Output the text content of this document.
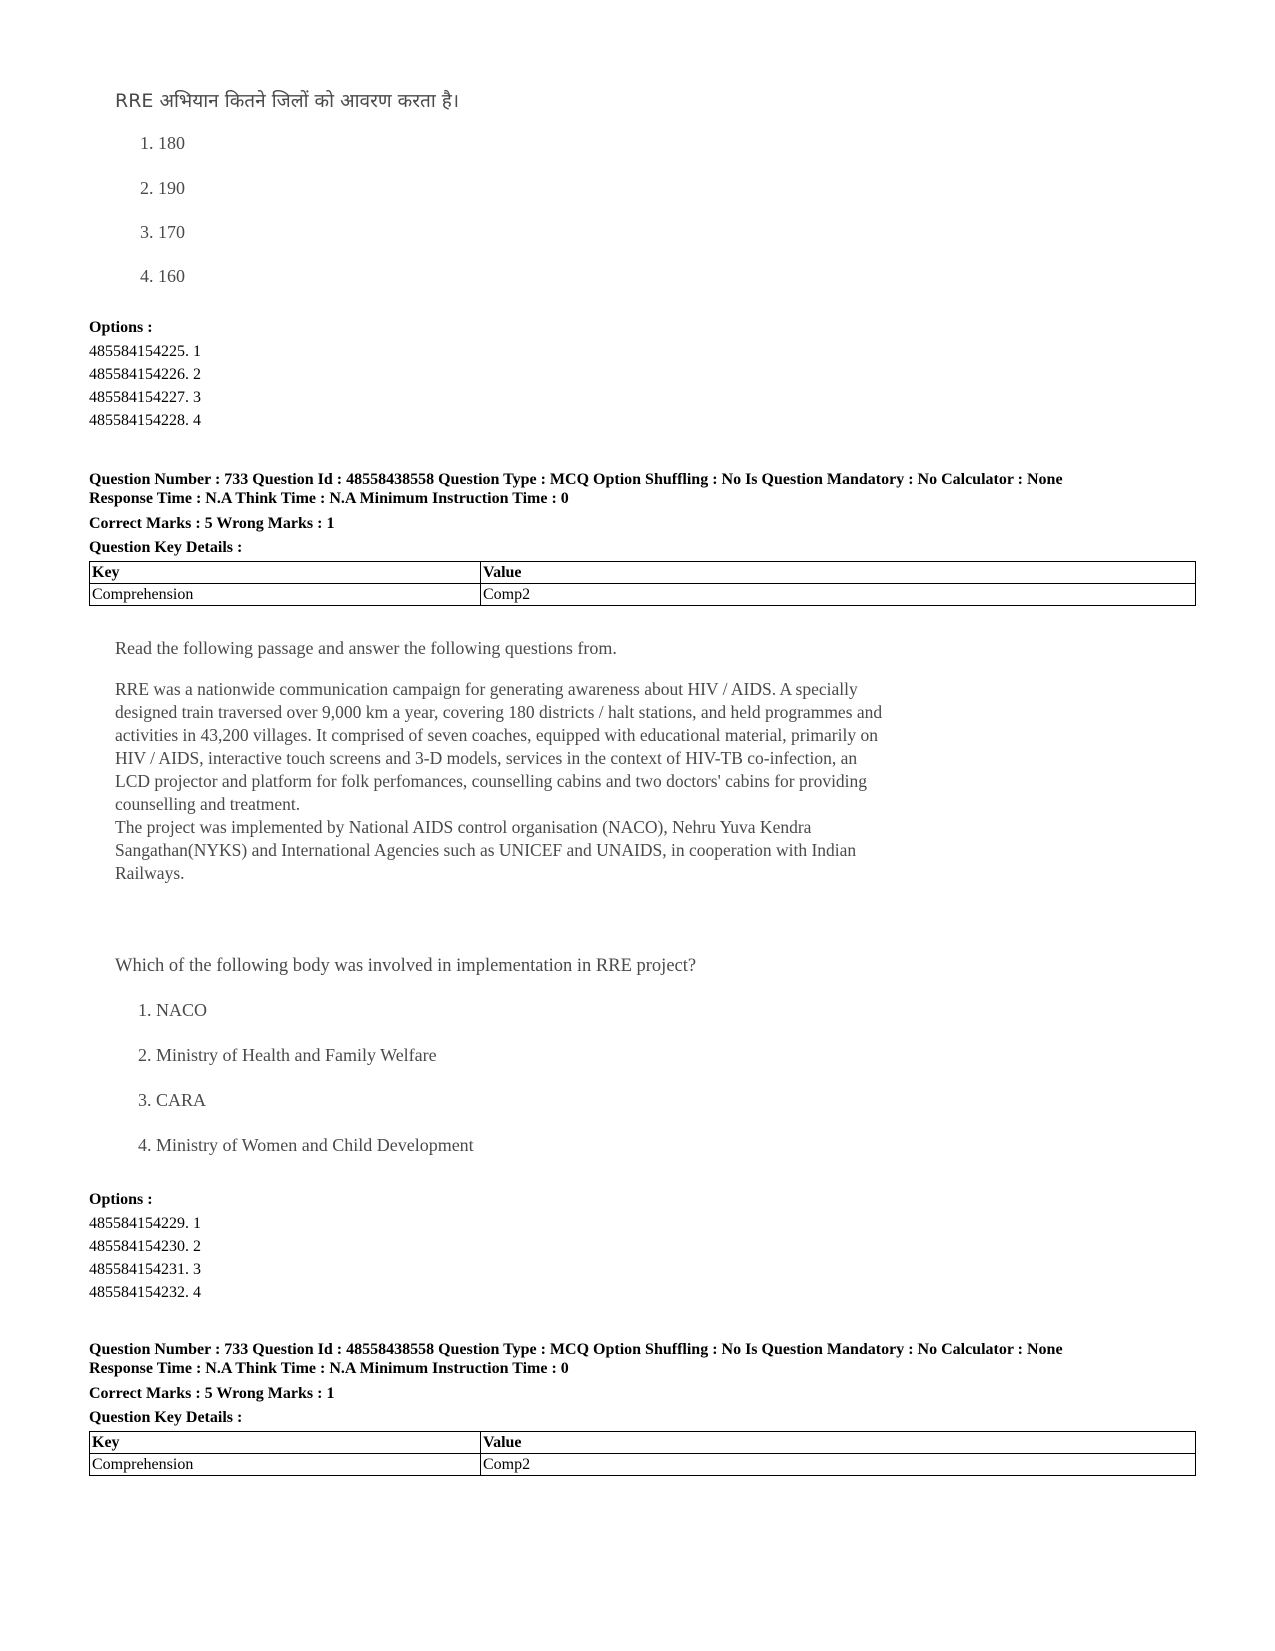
RRE अभियान कितने जिलों को आवरण करता है।
1. 180
2. 190
3. 170
4. 160
Options :
485584154225. 1
485584154226. 2
485584154227. 3
485584154228. 4
Question Number : 733 Question Id : 48558438558 Question Type : MCQ Option Shuffling : No Is Question Mandatory : No Calculator : None
Response Time : N.A Think Time : N.A Minimum Instruction Time : 0
Correct Marks : 5 Wrong Marks : 1
Question Key Details :
Key	Value
Comprehension	Comp2
Read the following passage and answer the following questions from.
RRE was a nationwide communication campaign for generating awareness about HIV / AIDS. A specially
designed train traversed over 9,000 km a year, covering 180 districts / halt stations, and held programmes and
activities in 43,200 villages. It comprised of seven coaches, equipped with educational material, primarily on
HIV / AIDS, interactive touch screens and 3-D models, services in the context of HIV-TB co-infection, an
LCD projector and platform for folk perfomances, counselling cabins and two doctors' cabins for providing
counselling and treatment.
The project was implemented by National AIDS control organisation (NACO), Nehru Yuva Kendra
Sangathan(NYKS) and International Agencies such as UNICEF and UNAIDS, in cooperation with Indian
Railways.
Which of the following body was involved in implementation in RRE project?
1. NACO
2. Ministry of Health and Family Welfare
3. CARA
4. Ministry of Women and Child Development
Options :
485584154229. 1
485584154230. 2
485584154231. 3
485584154232. 4
Question Number : 733 Question Id : 48558438558 Question Type : MCQ Option Shuffling : No Is Question Mandatory : No Calculator : None
Response Time : N.A Think Time : N.A Minimum Instruction Time : 0
Correct Marks : 5 Wrong Marks : 1
Question Key Details :
Key	Value
Comprehension	Comp2
